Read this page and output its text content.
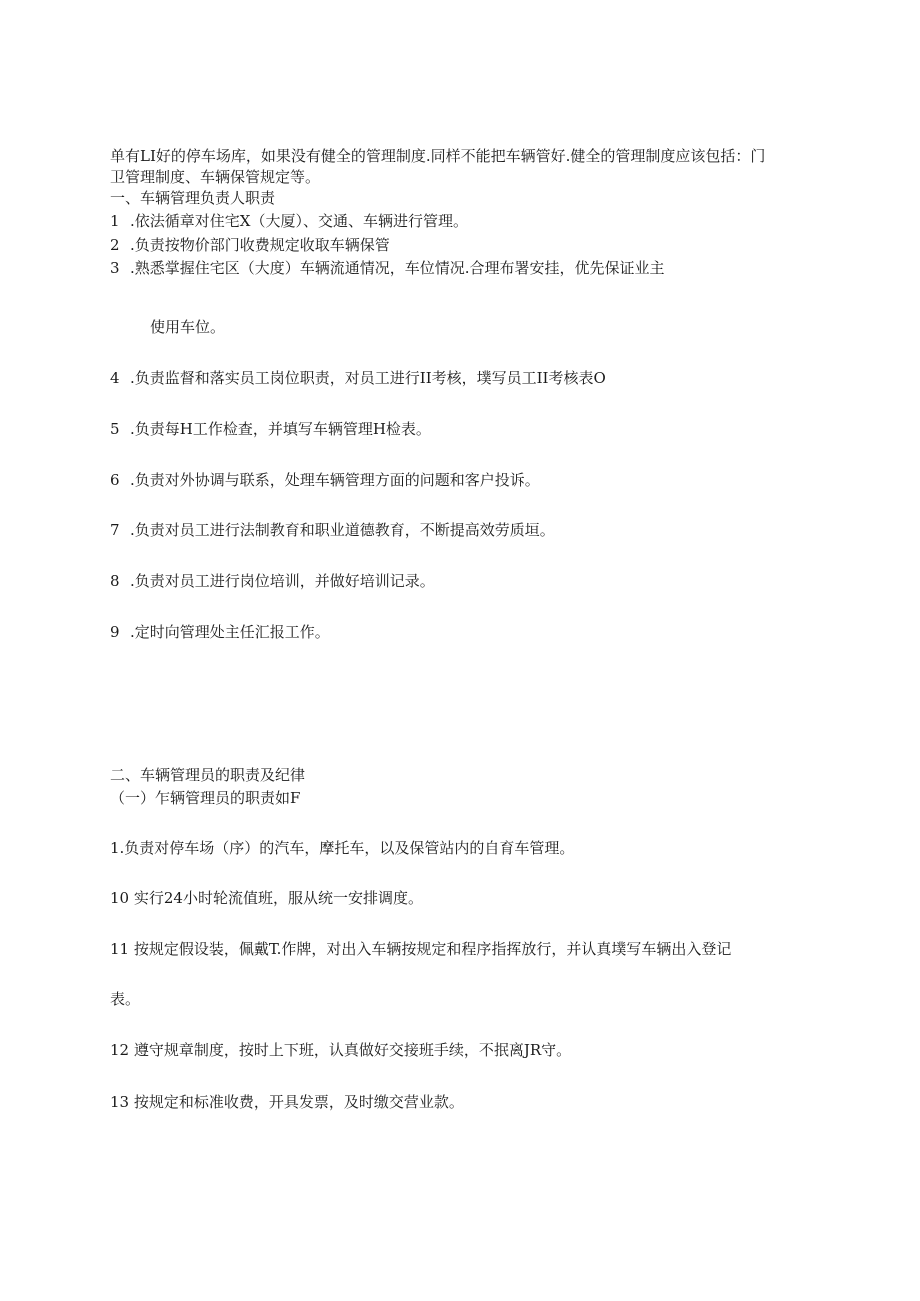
单有LI好的停车场库，如果没有健全的管理制度.同样不能把车辆管好.健全的管理制度应该包括：门
卫管理制度、车辆保管规定等。
一、车辆管理负责人职责
1 .依法循章对住宅X（大厦）、交通、车辆进行管理。
2 .负责按物价部门收费规定收取车辆保管
3 .熟悉掌握住宅区（大度）车辆流通情况，车位情况.合理布署安挂，优先保证业主
使用车位。
4 .负责监督和落实员工岗位职责，对员工进行II考核，墣写员工II考核表O
5 .负责每H工作检查，并填写车辆管理H检表。
6 .负责对外协调与联系，处理车辆管理方面的问题和客户投诉。
7 .负责对员工进行法制教育和职业道德教育，不断提高效劳质垣。
8 .负责对员工进行岗位培训，并做好培训记录。
9 .定时向管理处主任汇报工作。
二、车辆管理员的职责及纪律
（一）乍辆管理员的职责如F
1.负责对停车场（序）的汽车，摩托车，以及保管站内的自育车管理。
10 实行24小时轮流值班，服从统一安排调度。
11 按规定假设装，佩戴T.作牌，对出入车辆按规定和程序指挥放行，并认真墣写车辆出入登记
表。
12 遵守规章制度，按时上下班，认真做好交接班手续，不抿离JR守。
13 按规定和标准收费，开具发票，及时缴交营业款。
